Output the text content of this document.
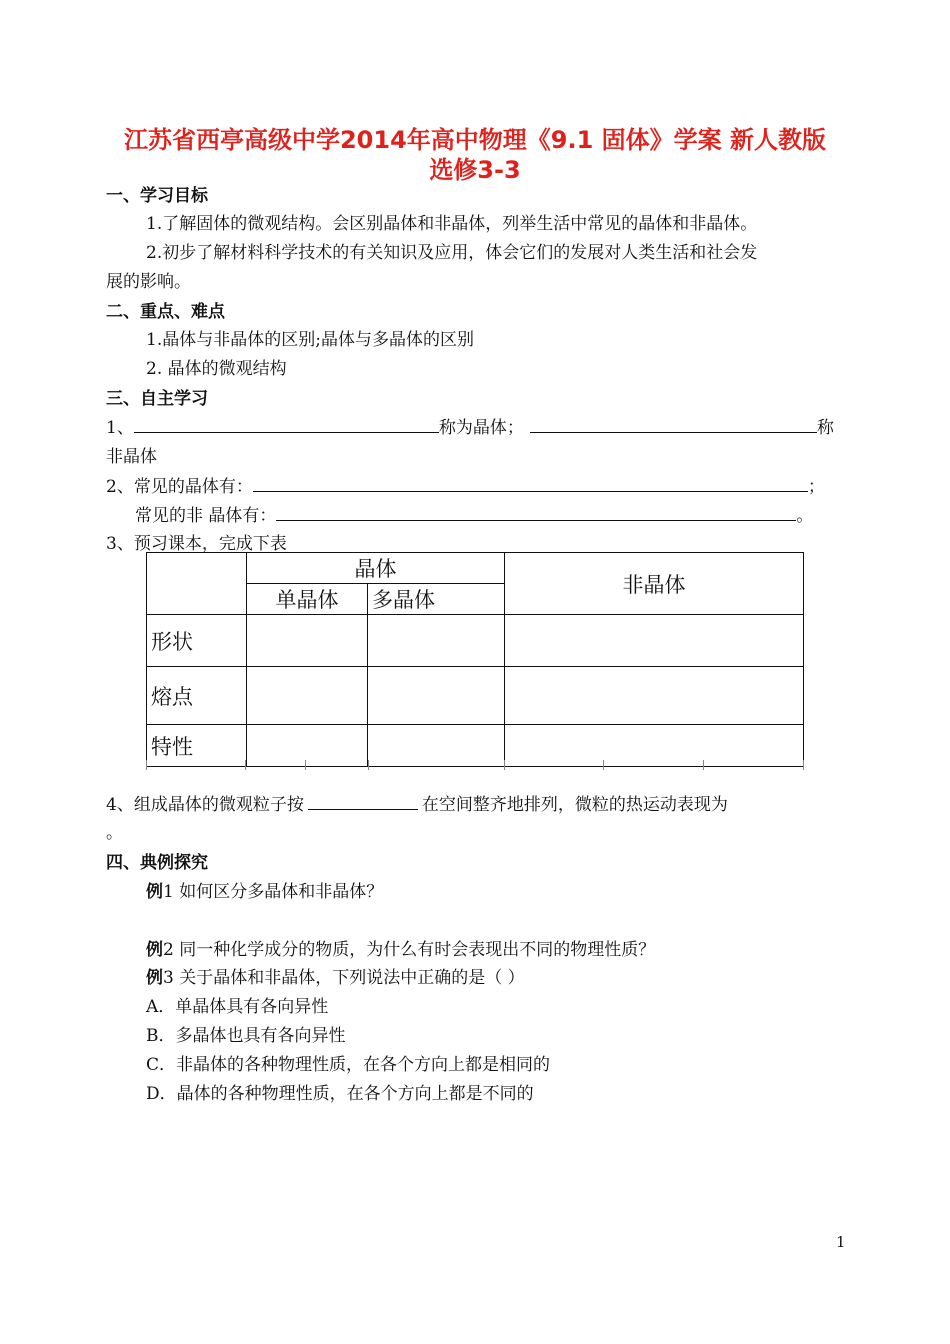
江苏省西亭高级中学2014年高中物理《9.1 固体》学案 新人教版
选修3-3
一、学习目标
1.了解固体的微观结构。会区别晶体和非晶体，列举生活中常见的晶体和非晶体。
2.初步了解材料科学技术的有关知识及应用，体会它们的发展对人类生活和社会发
展的影响。
二、重点、难点
1.晶体与非晶体的区别;晶体与多晶体的区别
2. 晶体的微观结构
三、自主学习
1、	称为晶体；	称
非晶体
2、常见的晶体有：	；
常见的非 晶体有：	。
3、预习课本，完成下表
	晶体		非晶体
	单晶体	多晶体	
形状			
熔点			
特性			
4、组成晶体的微观粒子按	在空间整齐地排列，微粒的热运动表现为
。
四、典例探究
例1 如何区分多晶体和非晶体？
例2 同一种化学成分的物质，为什么有时会表现出不同的物理性质？
例3 关于晶体和非晶体，下列说法中正确的是（ ）
A．单晶体具有各向异性
B．多晶体也具有各向异性
C．非晶体的各种物理性质，在各个方向上都是相同的
D．晶体的各种物理性质，在各个方向上都是不同的
1
